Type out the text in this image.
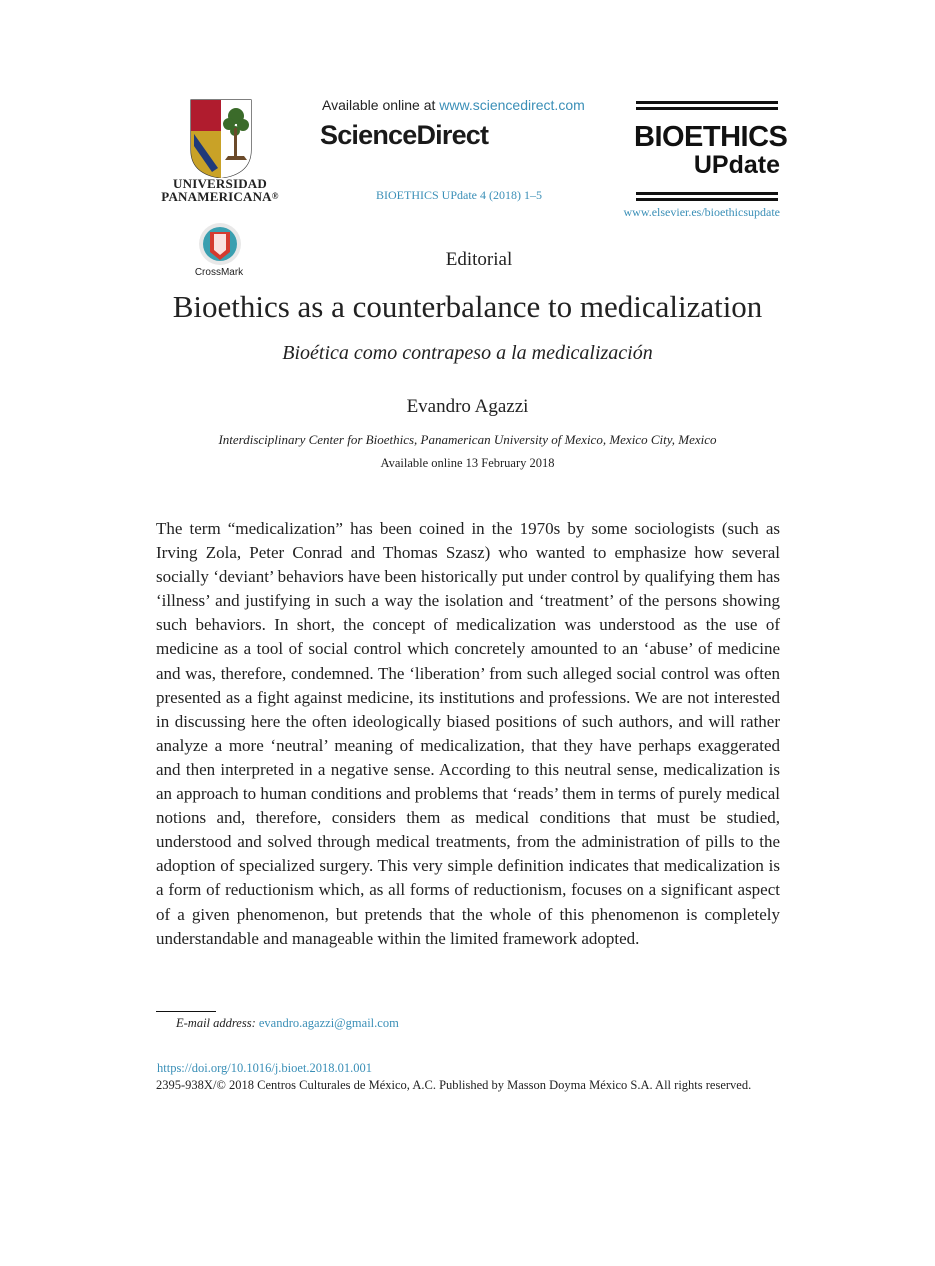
UNIVERSIDAD
PANAMERICANA®
CrossMark
Available online at www.sciencedirect.com
ScienceDirect
BIOETHICS UPdate 4 (2018) 1–5
BIOETHICS
UPdate
www.elsevier.es/bioethicsupdate
Editorial
Bioethics as a counterbalance to medicalization
Bioética como contrapeso a la medicalización
Evandro Agazzi
Interdisciplinary Center for Bioethics, Panamerican University of Mexico, Mexico City, Mexico
Available online 13 February 2018
The term “medicalization” has been coined in the 1970s by some sociologists (such as Irving Zola, Peter Conrad and Thomas Szasz) who wanted to emphasize how several socially ‘deviant’ behaviors have been historically put under control by qualifying them has ‘illness’ and justifying in such a way the isolation and ‘treatment’ of the persons showing such behaviors. In short, the concept of medicalization was understood as the use of medicine as a tool of social control which concretely amounted to an ‘abuse’ of medicine and was, therefore, condemned. The ‘liberation’ from such alleged social control was often presented as a fight against medicine, its institutions and professions. We are not interested in discussing here the often ideologically biased positions of such authors, and will rather analyze a more ‘neutral’ meaning of medicalization, that they have perhaps exaggerated and then interpreted in a negative sense. According to this neutral sense, medicalization is an approach to human conditions and problems that ‘reads’ them in terms of purely medical notions and, therefore, considers them as medical conditions that must be studied, understood and solved through medical treatments, from the administration of pills to the adoption of specialized surgery. This very simple definition indicates that medicalization is a form of reductionism which, as all forms of reductionism, focuses on a significant aspect of a given phenomenon, but pretends that the whole of this phenomenon is completely understandable and manageable within the limited framework adopted.
E-mail address: evandro.agazzi@gmail.com
https://doi.org/10.1016/j.bioet.2018.01.001
2395-938X/© 2018 Centros Culturales de México, A.C. Published by Masson Doyma México S.A. All rights reserved.
